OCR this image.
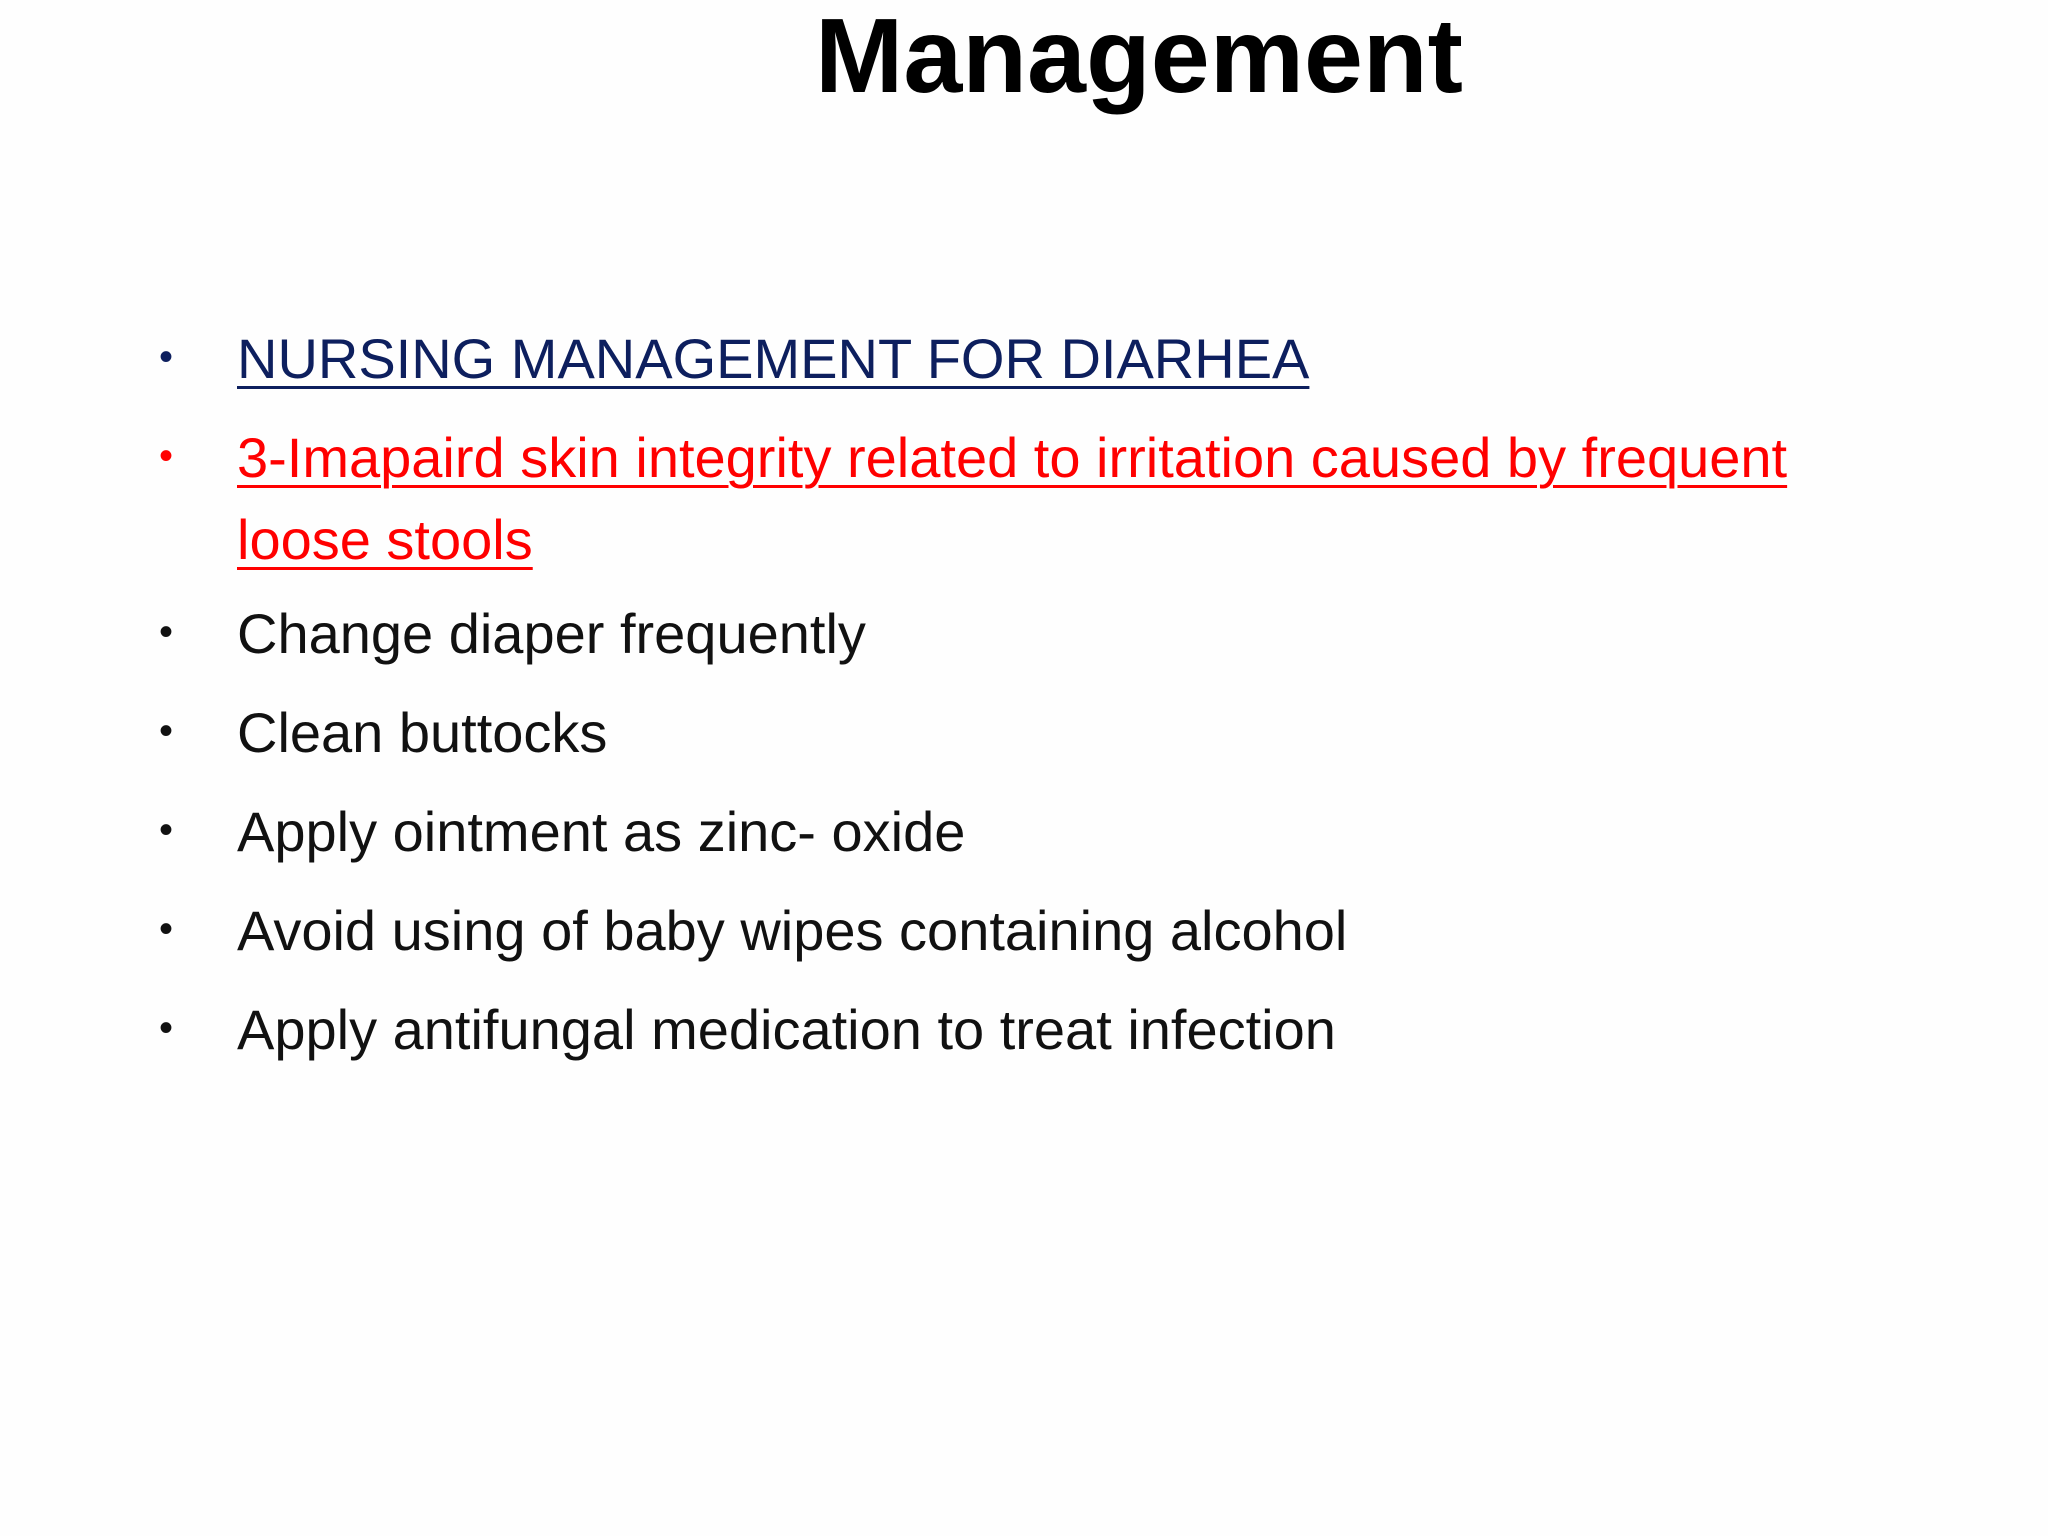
Management
•	NURSING MANAGEMENT FOR DIARHEA
•	3-Imapaird skin integrity related to irritation caused by frequent loose stools
•	Change diaper frequently
•	Clean buttocks
•	Apply ointment as zinc- oxide
•	Avoid using of baby wipes containing alcohol
•	Apply antifungal medication to treat infection
